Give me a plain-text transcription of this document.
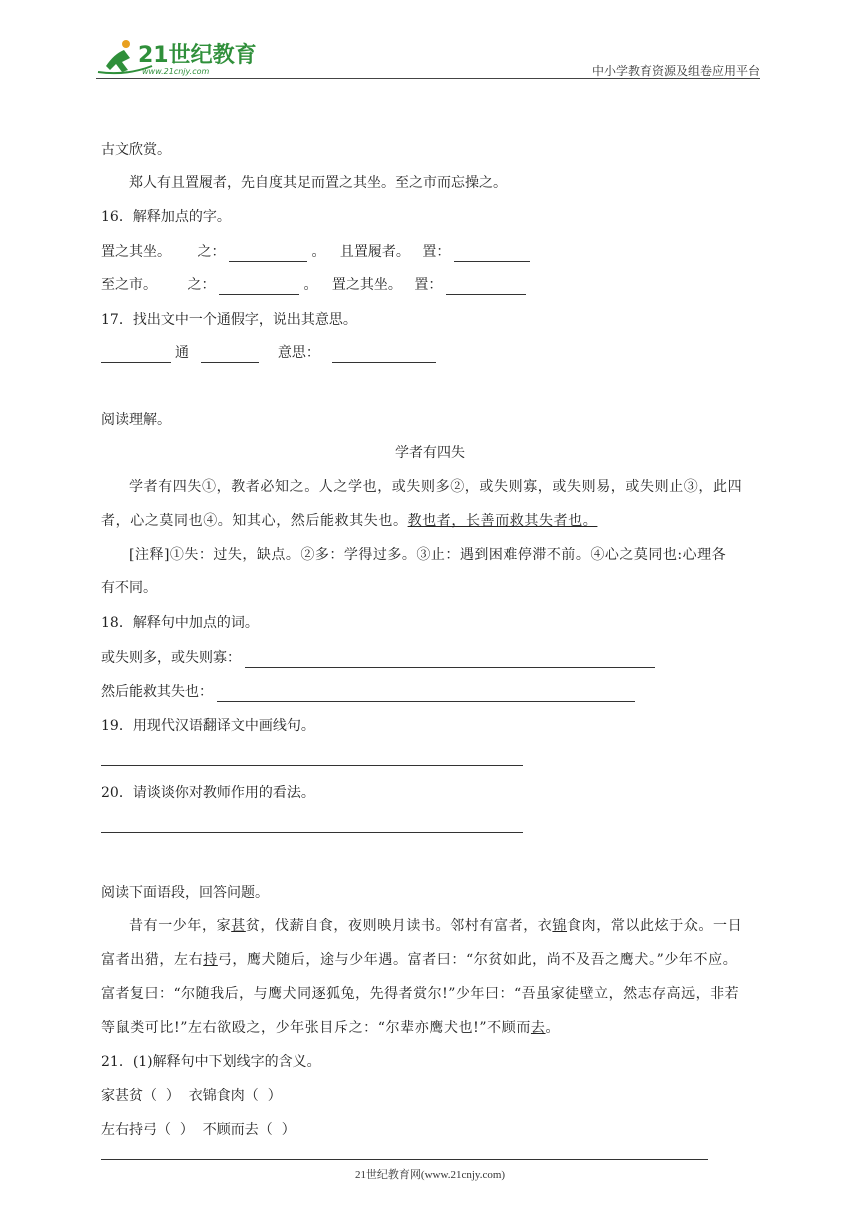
21世纪教育
www.21cnjy.com	中小学教育资源及组卷应用平台
古文欣赏。
郑人有且置履者，先自度其足而置之其坐。至之市而忘操之。
16．解释加点的字。
置之其坐。 之：	。 且置履者。 置：
至之市。 之：	。 置之其坐。 置：
17．找出文中一个通假字，说出其意思。
通	意思：
阅读理解。
学者有四失
学者有四失①，教者必知之。人之学也，或失则多②，或失则寡，或失则易，或失则止③，此四
者，心之莫同也④。知其心，然后能救其失也。教也者，长善而救其失者也。
[注释]①失：过失，缺点。②多：学得过多。③止：遇到困难停滞不前。④心之莫同也:心理各
有不同。
18．解释句中加点的词。
或失则多，或失则寡：
然后能救其失也：
19．用现代汉语翻译文中画线句。
20．请谈谈你对教师作用的看法。
阅读下面语段，回答问题。
昔有一少年，家甚贫，伐薪自食，夜则映月读书。邻村有富者，衣锦食肉，常以此炫于众。一日
富者出猎，左右持弓，鹰犬随后，途与少年遇。富者曰：“尔贫如此，尚不及吾之鹰犬。”少年不应。
富者复曰：“尔随我后，与鹰犬同逐狐兔，先得者赏尔!”少年曰：“吾虽家徒壁立，然志存高远，非若
等鼠类可比!”左右欲殴之，少年张目斥之：“尔辈亦鹰犬也!”不顾而去。
21．(1)解释句中下划线字的含义。
家甚贫（  ）  衣锦食肉（  ）
左右持弓（  ）  不顾而去（  ）
21世纪教育网(www.21cnjy.com)
